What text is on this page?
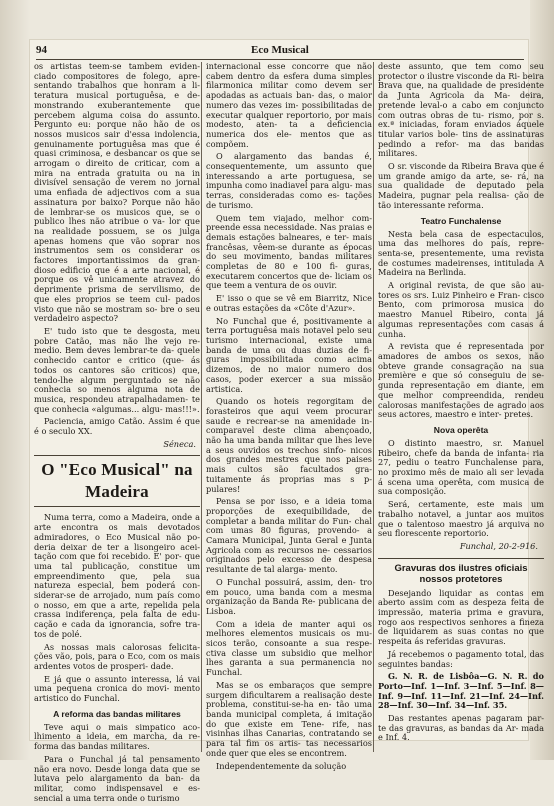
94	Eco Musical

os artistas teem-se tambem eviden- ciado compositores de folego, apre- sentando trabalhos que honram a li- teratura musical portuguêsa, e de- monstrando exuberantemente que percebem alguma coisa do assunto. Pergunto eu: porque não hão de os nossos musicos sair d'essa indolencia, genuinamente portuguêsa mas que é quasi criminosa, e desbancar os que se arrogam o direito de criticar, com a mira na entrada gratuita ou na in divisível sensação de verem no jornal uma enfiada de adjectivos com a sua assinatura por baixo? Porque não hão de lembrar-se os musicos que, se o publico lhes não atribue o va- lor que na realidade possuem, se os julga apenas homens que vão soprar nos instrumentos sem os considerar os factores importantissimos da gran- dioso edificio que é a arte nacional, é porque os vê unicamente atravez do deprimente prisma de servilismo, de que eles proprios se teem cul- pados visto que não se mostram so- bre o seu verdadeiro aspecto?

E' tudo isto que te desgosta, meu pobre Catão, mas não lhe vejo re- medio. Bem deves lembrar-te da- quele conhecido cantor e critico (que- ás todos os cantores são criticos) que, tendo-lhe algum perguntado se não conhecia so menos alguma nota de musica, respondeu atrapalhadamen- te que conhecia «algumas... algu- mas!!!».

Paciencia, amigo Catão. Assim é que é o seculo XX.

Séneca.
O "Eco Musical" na Madeira

Numa terra, como a Madeira, onde a arte encontra os mais devotados admiradores, o Eco Musical não po- deria deixar de ter a lisongeiro acei- tação com que foi recebido. E' por- que uma tal publicação, constitue um empreendimento que, pela sua natureza especial, bem poderá con- siderar-se de arrojado, num país como o nosso, em que a arte, repelida pela crassa indiferença, pela falta de edu- cação e cada da ignorancia, sofre tra- tos de polé.

As nossas mais calorosas felicita- ções vão, pois, para o Eco, com os mais ardentes votos de prosperi- dade.

E já que o assunto interessa, lá vai uma pequena cronica do movi- mento artistico do Funchal.

A reforma das bandas militares

Teve aqui o mais simpatico aco- lhimento a ideia, em marcha, da re- forma das bandas militares.

Para o Funchal já tal pensamento não era novo. Desde longa data que se lutava pelo alargamento da ban- da militar, como indispensavel e es- sencial a uma terra onde o turismo

internacional esse concorre que não cabem dentro da esfera duma simples filarmonica militar como devem ser apodadas as actuais ban- das, o maior numero das vezes im- possibilitadas de executar qualquer reportorio, por mais modesto, aten- ta a deficiencia numerica dos ele- mentos que as compõem.

O alargamento das bandas é, consequentemente, um assunto que interessando a arte portuguesa, se impunha como inadiavel para algu- mas terras, consideradas como es- tações de turismo.

Quem tem viajado, melhor com- preende essa necessidade. Nas praias e demais estações balneares, e ter- mais francêsas, vêem-se durante as épocas do seu movimento, bandas militares completas de 80 e 100 fi- guras, executarem concertos que de- liciam os que teem a ventura de os ouvir.

E' isso o que se vê em Biarritz, Nice e outras estações da «Côte d'Azur».

No Funchal que é, positivamente a terra portuguêsa mais notavel pelo seu turismo internacional, existe uma banda de uma ou duas duzias de fi- guras impossibilitada como acima dizemos, de no maior numero dos casos, poder exercer a sua missão artistica.

Quando os hoteis regorgitam de forasteiros que aqui veem procurar saude e recrear-se na amenidade in- comparavel deste clima abençoado, não ha uma banda militar que lhes leve a seus ouvidos os trechos sinfo- nicos dos grandes mestres que nos paises mais cultos são facultados gra- tuitamente ás proprias mas s p- pulares!

Pensa se por isso, e a ideia toma proporções de exequibilidade, de completar a banda militar do Fun- chal com umas 80 figuras, provendo- a Camara Municipal, Junta Geral e Junta Agricola com as recursos ne- cessarios originados pelo excesso de despesa resultante de tal alarga- mento.

O Funchal possuirá, assim, den- tro em pouco, uma banda com a mesma organização da Banda Re- publicana de Lisboa.

Com a ideia de manter aqui os melhores elementos musicais os mu- sicos terão, consoante a sua respe- ctiva classe um subsidio que melhor lhes garanta a sua permanencia no Funchal.

Mas se os embaraços que sempre surgem dificultarem a realisação deste problema, constitui-se-ha en- tão uma banda municipal completa, á imitação do que existe em Tene- rife, nas visinhas ilhas Canarias, contratando se para tal fim os artis- tas necessarios onde quer que eles se encontrem.

Independentemente da solução

deste assunto, que tem como seu protector o ilustre visconde da Ri- beira Brava que, na qualidade de presidente da Junta Agricola da Ma- deira, pretende leval-o a cabo em conjuncto com outras obras de tu- rismo, por s. ex.ª iniciadas, foram enviados áquele titular varios bole- tins de assinaturas pedindo a refor- ma das bandas militares.

O sr. visconde da Ribeira Brava que é um grande amigo da arte, se- rá, na sua qualidade de deputado pela Madeira, pugnar pela realisa- ção de tão interessante reforma.

Teatro Funchalense

Nesta bela casa de espectaculos, uma das melhores do país, repre- senta-se, presentemente, uma revista de costumes madeirenses, intitulada A Madeira na Berlinda.

A original revista, de que são au- tores os srs. Luiz Pinheiro e Fran- cisco Bento, com primorosa musica do maestro Manuel Ribeiro, conta já algumas representações com casas á cunha.

A revista que é representada por amadores de ambos os sexos, não obteve grande consagração na sua première e que só conseguiu de se- gunda representação em diante, em que melhor compreendida, rendeu calorosas manifestações de agrado aos seus actores, maestro e inter- pretes.

Nova operêta

O distinto maestro, sr. Manuel Ribeiro, chefe da banda de infanta- ria 27, pediu o teatro Funchalense para, no proximo mês de maio ali ser levada á scena uma operêta, com musica de sua composição.

Será, certamente, este mais um trabalho notavel, a juntar aos muitos que o talentoso maestro já arquiva no seu florescente reportorio.

Funchal, 20-2-916.
Gravuras dos ilustres oficiais nossos protetores

Desejando liquidar as contas em aberto assim com as despeza feita de impressão, materia prima e gravura, rogo aos respectivos senhores a fineza de liquidarem as suas contas no que respeita ás referidas gravuras.

Já recebemos o pagamento total, das seguintes bandas:

G. N. R. de Lisbôa—G. N. R. do Porto—Inf. 1—Inf. 3—Inf. 5—Inf. 8—Inf. 9—Inf. 11—Inf. 21—Inf. 24—Inf. 28—Inf. 30—Inf. 34—Inf. 35.

Das restantes apenas pagaram par- te das gravuras, as bandas da Ar- mada e Inf. 4.
